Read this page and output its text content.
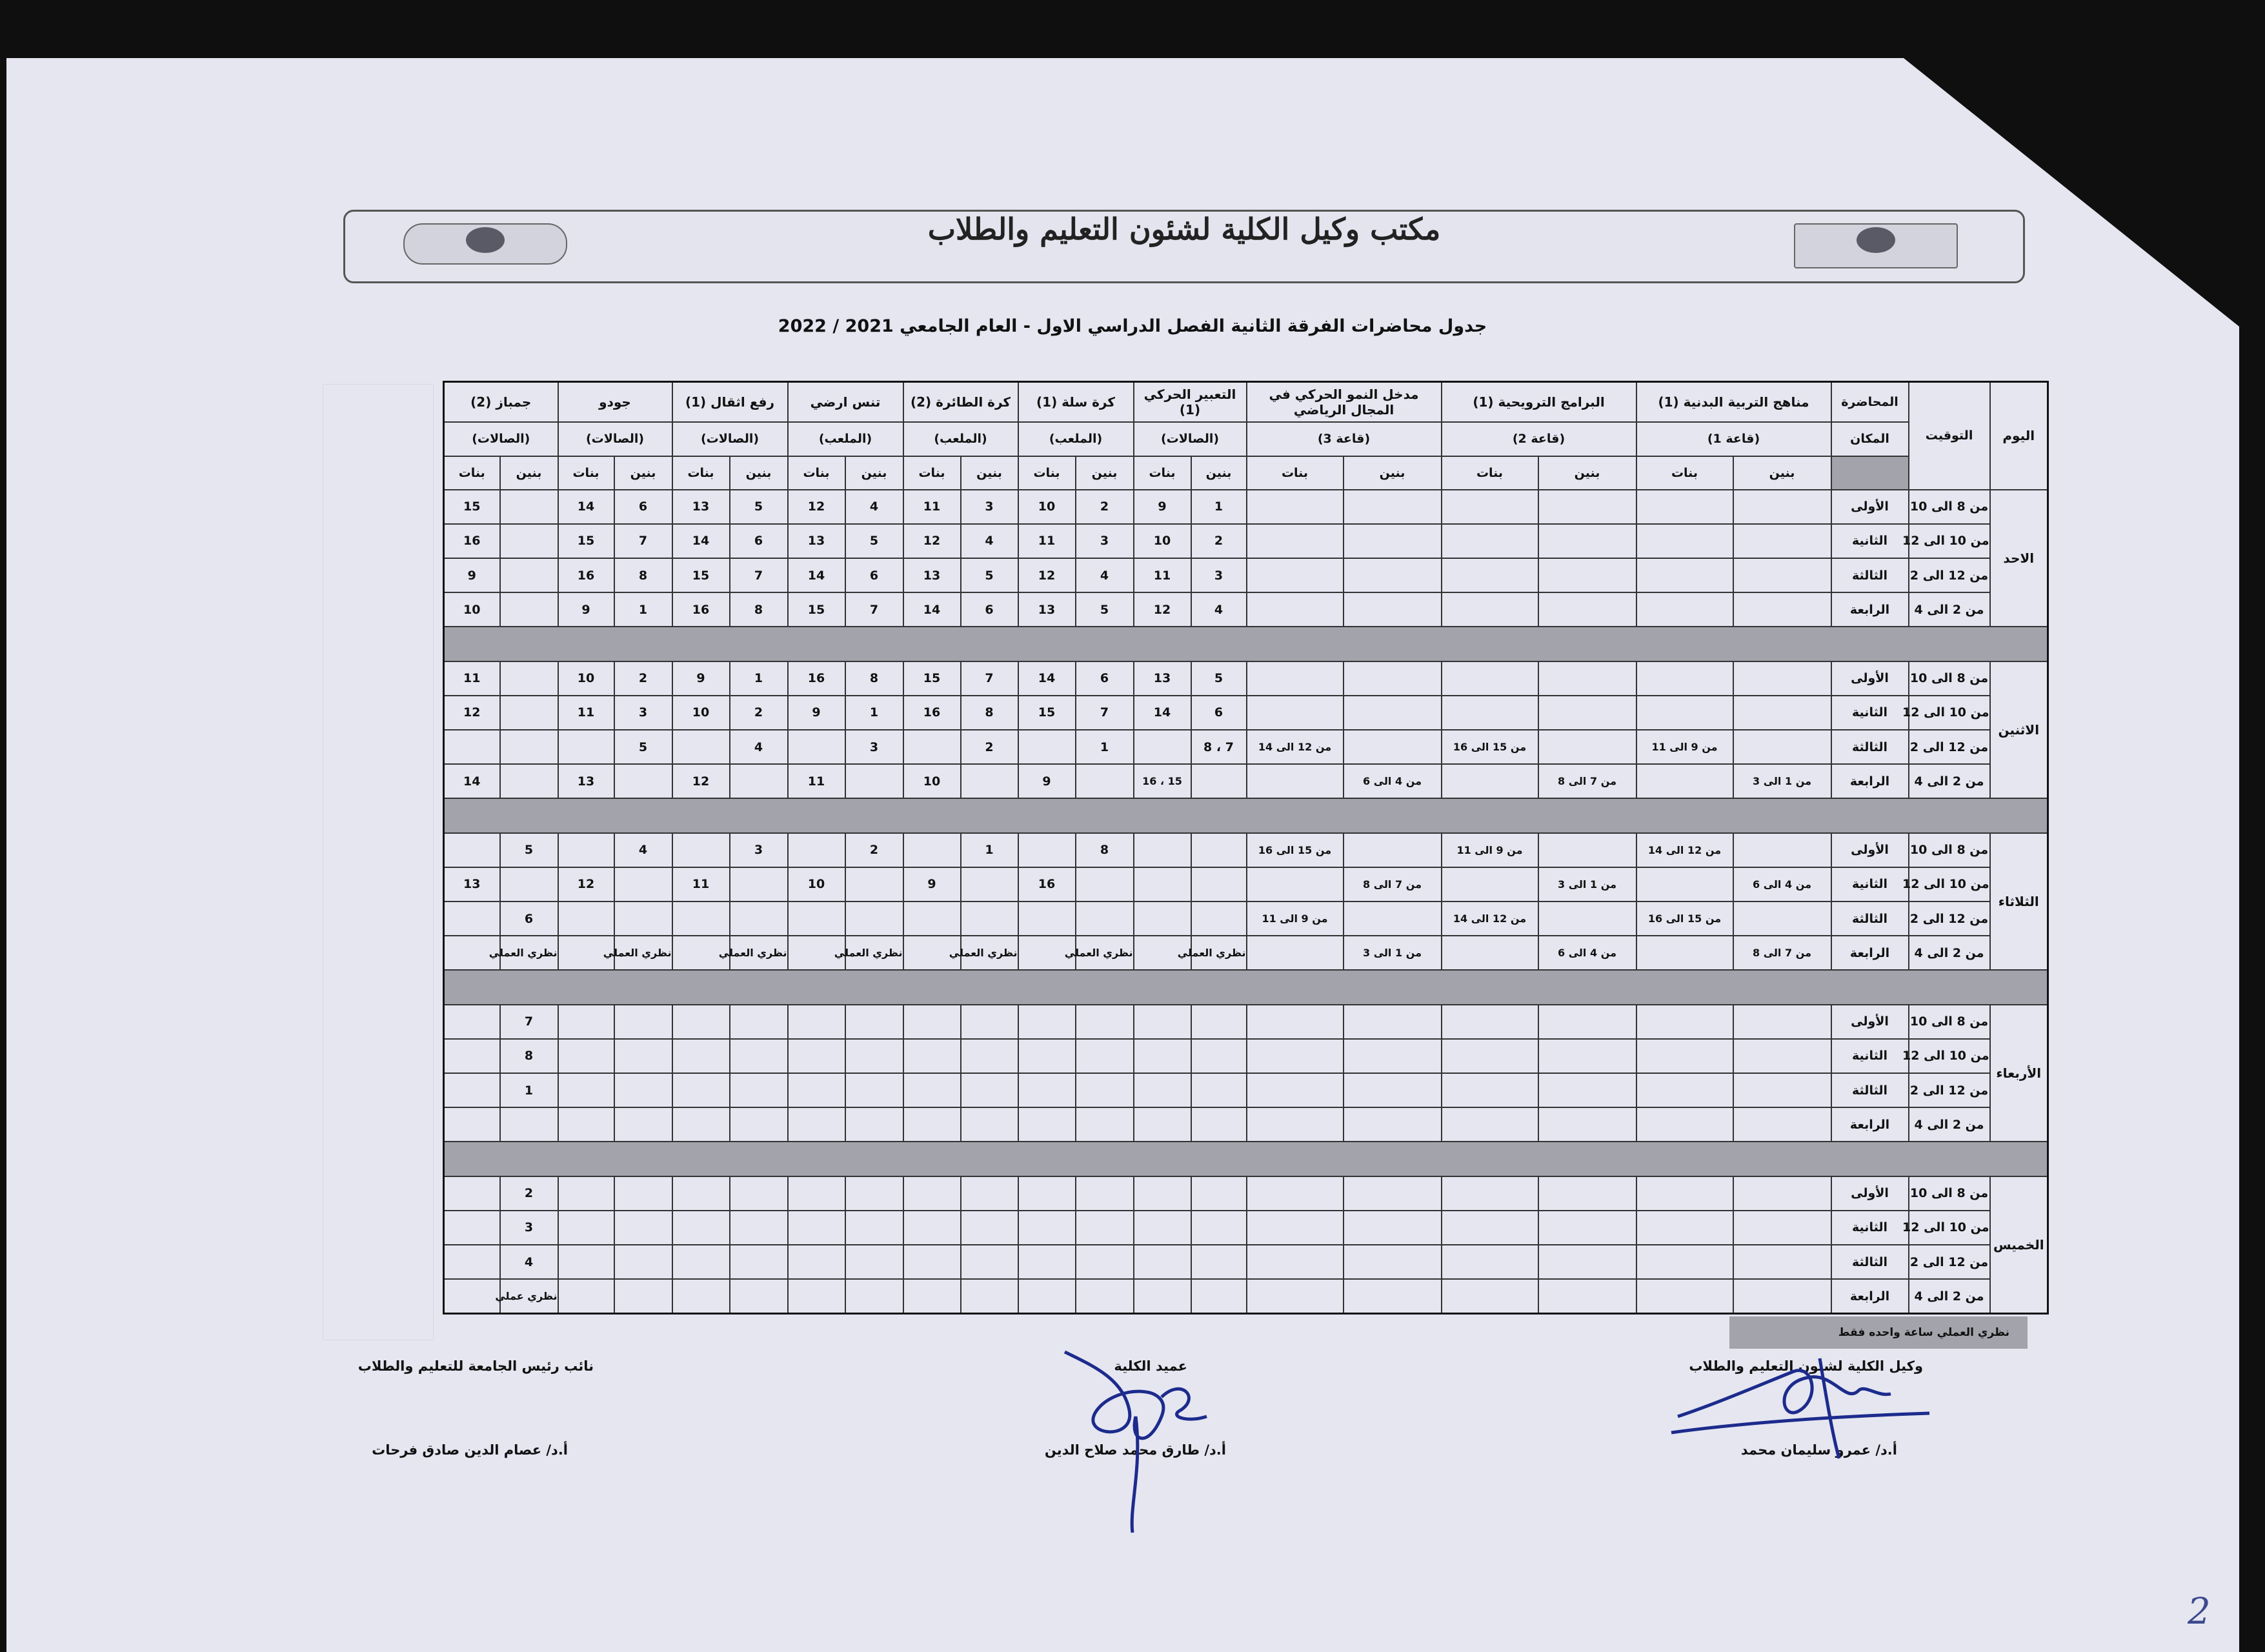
مكتب وكيل الكلية لشئون التعليم والطلاب
جدول محاضرات الفرقة الثانية الفصل الدراسي الاول - العام الجامعي 2021 / 2022
اليوم	التوقيت	المحاضرة	مناهج التربية البدنية (1)		البرامج الترويحية (1)		مدخل النمو الحركي في المجال الرياضي		التعبير الحركي (1)		كرة سلة (1)		كرة الطائرة (2)		تنس ارضي		رفع اثقال (1)		جودو		جمباز (2)	
		المكان	(قاعة 1)		(قاعة 2)		(قاعة 3)		(الصالات)		(الملعب)		(الملعب)		(الملعب)		(الصالات)		(الصالات)		(الصالات)	
			بنين	بنات	بنين	بنات	بنين	بنات	بنين	بنات	بنين	بنات	بنين	بنات	بنين	بنات	بنين	بنات	بنين	بنات	بنين	بنات
الاحد	من 8 الى 10	الأولى							1	9	2	10	3	11	4	12	5	13	6	14		15
	من 10 الى 12	الثانية							2	10	3	11	4	12	5	13	6	14	7	15		16
	من 12 الى 2	الثالثة							3	11	4	12	5	13	6	14	7	15	8	16		9
	من 2 الى 4	الرابعة							4	12	5	13	6	14	7	15	8	16	1	9		10

الاثنين	من 8 الى 10	الأولى							5	13	6	14	7	15	8	16	1	9	2	10		11
	من 10 الى 12	الثانية							6	14	7	15	8	16	1	9	2	10	3	11		12
	من 12 الى 2	الثالثة		من 9 الى 11		من 15 الى 16		من 12 الى 14	7 ، 8		1		2		3		4		5			
	من 2 الى 4	الرابعة	من 1 الى 3		من 7 الى 8		من 4 الى 6			15 ، 16		9		10		11		12		13		14

الثلاثاء	من 8 الى 10	الأولى		من 12 الى 14		من 9 الى 11		من 15 الى 16			8		1		2		3		4		5	
	من 10 الى 12	الثانية	من 4 الى 6		من 1 الى 3		من 7 الى 8					16		9		10		11		12		13
	من 12 الى 2	الثالثة		من 15 الى 16		من 12 الى 14		من 9 الى 11													6	
	من 2 الى 4	الرابعة	من 7 الى 8		من 4 الى 6		من 1 الى 3		نظري العملي		نظري العملي		نظري العملي		نظري العملي		نظري العملي		نظري العملي		نظري العملي	

الأربعاء	من 8 الى 10	الأولى																			7	
	من 10 الى 12	الثانية																			8	
	من 12 الى 2	الثالثة																			1	
	من 2 الى 4	الرابعة																				

الخميس	من 8 الى 10	الأولى																			2	
	من 10 الى 12	الثانية																			3	
	من 12 الى 2	الثالثة																			4	
	من 2 الى 4	الرابعة																			نظري عملي	
نظري العملي ساعة واحده فقط
وكيل الكلية لشئون التعليم والطلاب
أ.د/ عمرو سليمان محمد
عميد الكلية
أ.د/ طارق محمد صلاح الدين
نائب رئيس الجامعة للتعليم والطلاب
أ.د/ عصام الدين صادق فرحات
2
